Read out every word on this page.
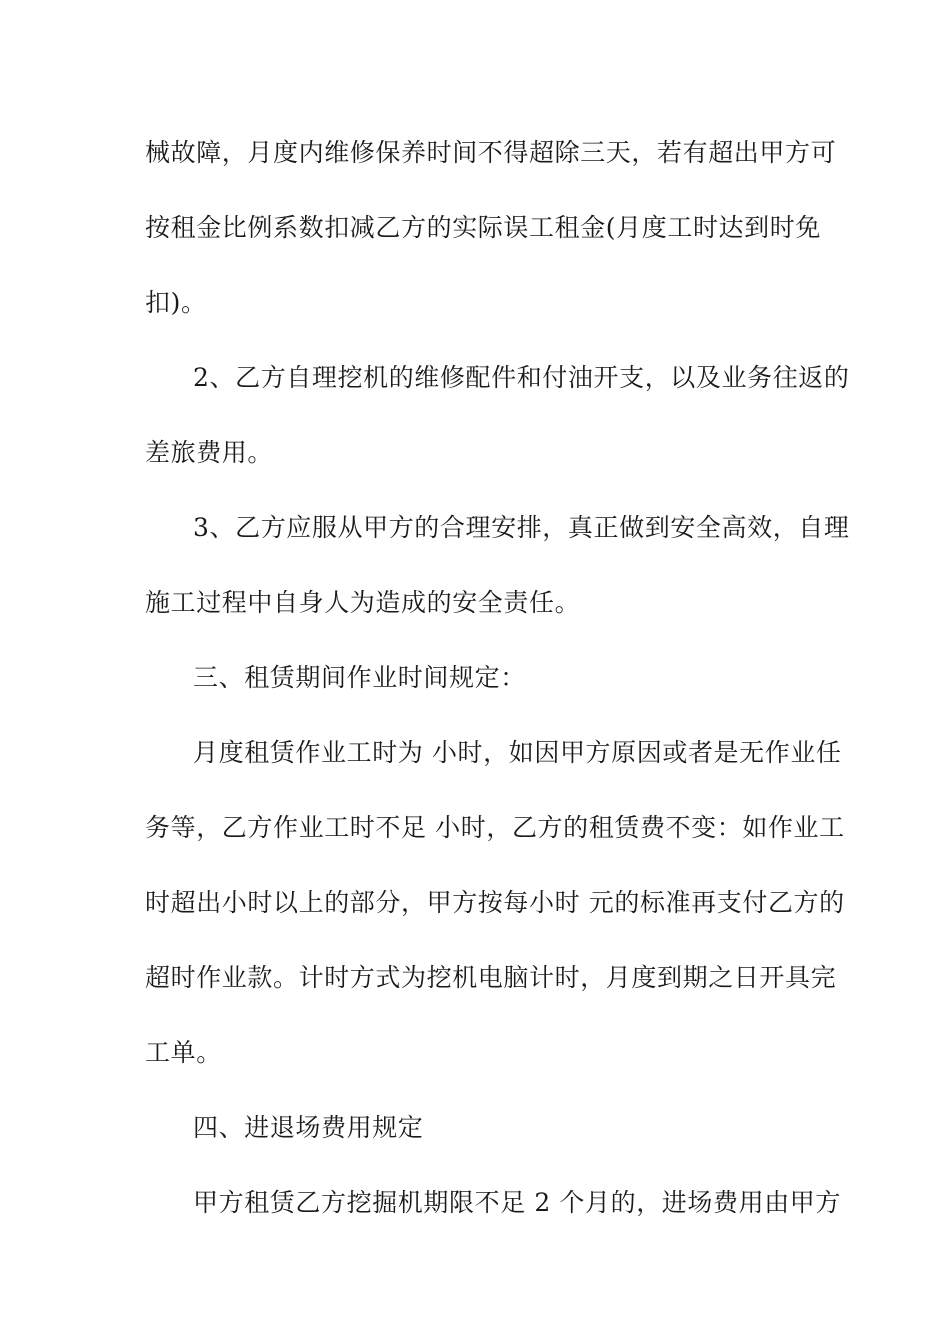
械故障，月度内维修保养时间不得超除三天，若有超出甲方可
按租金比例系数扣减乙方的实际误工租金(月度工时达到时免
扣)。
2、乙方自理挖机的维修配件和付油开支，以及业务往返的
差旅费用。
3、乙方应服从甲方的合理安排，真正做到安全高效，自理
施工过程中自身人为造成的安全责任。
三、租赁期间作业时间规定：
月度租赁作业工时为 小时，如因甲方原因或者是无作业任
务等，乙方作业工时不足 小时，乙方的租赁费不变：如作业工
时超出小时以上的部分，甲方按每小时 元的标准再支付乙方的
超时作业款。计时方式为挖机电脑计时，月度到期之日开具完
工单。
四、进退场费用规定
甲方租赁乙方挖掘机期限不足 2 个月的，进场费用由甲方
